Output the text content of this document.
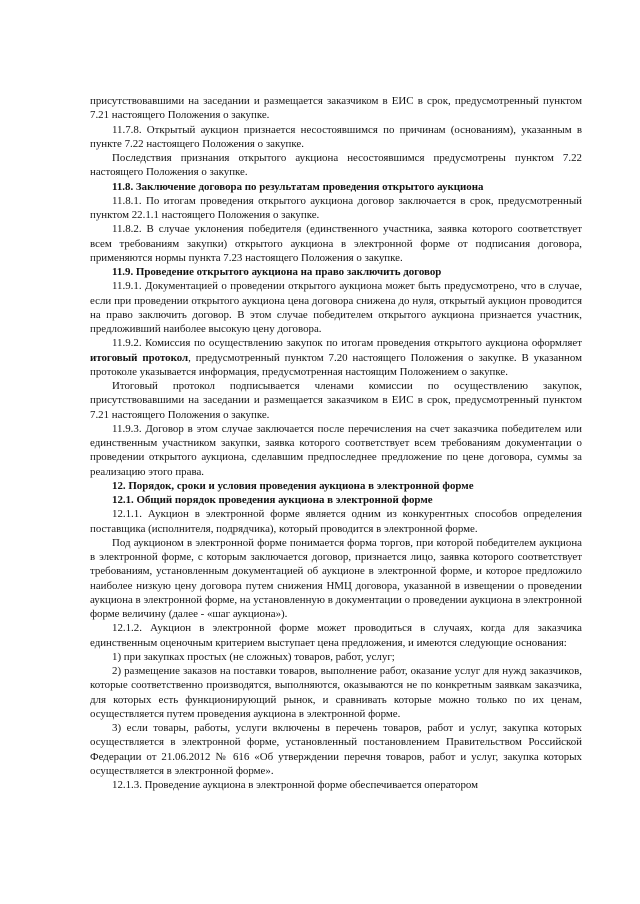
присутствовавшими на заседании и размещается заказчиком в ЕИС в срок, предусмотренный пунктом 7.21 настоящего Положения о закупке.

11.7.8. Открытый аукцион признается несостоявшимся по причинам (основаниям), указанным в пункте 7.22 настоящего Положения о закупке.

Последствия признания открытого аукциона несостоявшимся предусмотрены пунктом 7.22 настоящего Положения о закупке.

11.8. Заключение договора по результатам проведения открытого аукциона

11.8.1. По итогам проведения открытого аукциона договор заключается в срок, предусмотренный пунктом 22.1.1 настоящего Положения о закупке.

11.8.2. В случае уклонения победителя (единственного участника, заявка которого соответствует всем требованиям закупки) открытого аукциона в электронной форме от подписания договора, применяются нормы пункта 7.23 настоящего Положения о закупке.

11.9. Проведение открытого аукциона на право заключить договор

11.9.1. Документацией о проведении открытого аукциона может быть предусмотрено, что в случае, если при проведении открытого аукциона цена договора снижена до нуля, открытый аукцион проводится на право заключить договор. В этом случае победителем открытого аукциона признается участник, предложивший наиболее высокую цену договора.

11.9.2. Комиссия по осуществлению закупок по итогам проведения открытого аукциона оформляет итоговый протокол, предусмотренный пунктом 7.20 настоящего Положения о закупке. В указанном протоколе указывается информация, предусмотренная настоящим Положением о закупке.

Итоговый протокол подписывается членами комиссии по осуществлению закупок, присутствовавшими на заседании и размещается заказчиком в ЕИС в срок, предусмотренный пунктом 7.21 настоящего Положения о закупке.

11.9.3. Договор в этом случае заключается после перечисления на счет заказчика победителем или единственным участником закупки, заявка которого соответствует всем требованиям документации о проведении открытого аукциона, сделавшим предпоследнее предложение по цене договора, суммы за реализацию этого права.

12. Порядок, сроки и условия проведения аукциона в электронной форме

12.1. Общий порядок проведения аукциона в электронной форме

12.1.1. Аукцион в электронной форме является одним из конкурентных способов определения поставщика (исполнителя, подрядчика), который проводится в электронной форме.

Под аукционом в электронной форме понимается форма торгов, при которой победителем аукциона в электронной форме, с которым заключается договор, признается лицо, заявка которого соответствует требованиям, установленным документацией об аукционе в электронной форме, и которое предложило наиболее низкую цену договора путем снижения НМЦ договора, указанной в извещении о проведении аукциона в электронной форме, на установленную в документации о проведении аукциона в электронной форме величину (далее - «шаг аукциона»).

12.1.2. Аукцион в электронной форме может проводиться в случаях, когда для заказчика единственным оценочным критерием выступает цена предложения, и имеются следующие основания:

1) при закупках простых (не сложных) товаров, работ, услуг;

2) размещение заказов на поставки товаров, выполнение работ, оказание услуг для нужд заказчиков, которые соответственно производятся, выполняются, оказываются не по конкретным заявкам заказчика, для которых есть функционирующий рынок, и сравнивать которые можно только по их ценам, осуществляется путем проведения аукциона в электронной форме.

3) если товары, работы, услуги включены в перечень товаров, работ и услуг, закупка которых осуществляется в электронной форме, установленный постановлением Правительством Российской Федерации от 21.06.2012 № 616 «Об утверждении перечня товаров, работ и услуг, закупка которых осуществляется в электронной форме».

12.1.3. Проведение аукциона в электронной форме обеспечивается оператором
